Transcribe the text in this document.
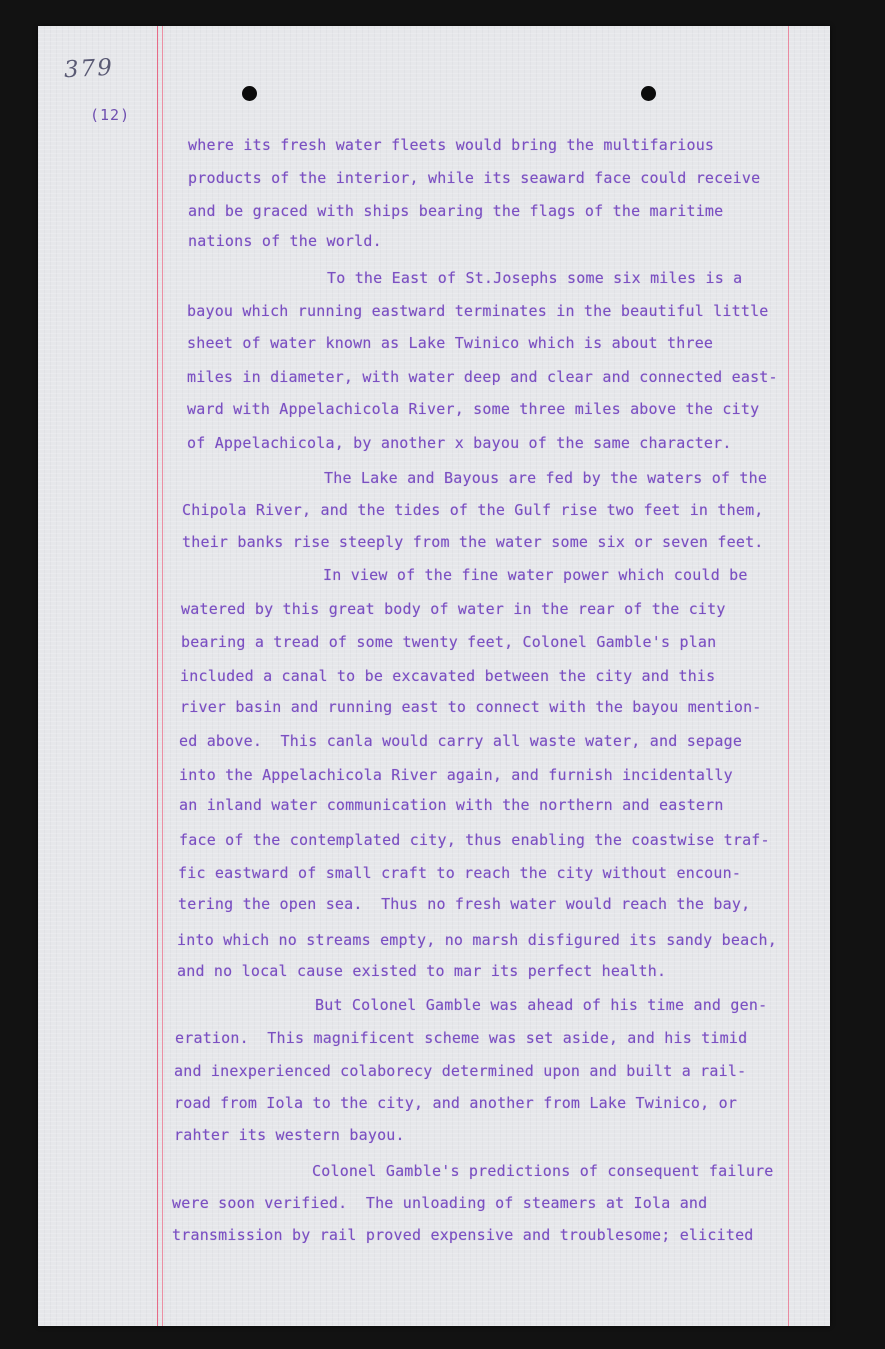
379
(12)

where its fresh water fleets would bring the multifarious

products of the interior, while its seaward face could receive

and be graced with ships bearing the flags of the maritime

nations of the world.

To the East of St.Josephs some six miles is a

bayou which running eastward terminates in the beautiful little

sheet of water known as Lake Twinico which is about three

miles in diameter, with water deep and clear and connected east-

ward with Appelachicola River, some three miles above the city

of Appelachicola, by another x bayou of the same character.

The Lake and Bayous are fed by the waters of the

Chipola River, and the tides of the Gulf rise two feet in them,

their banks rise steeply from the water some six or seven feet.

In view of the fine water power which could be

watered by this great body of water in the rear of the city

bearing a tread of some twenty feet, Colonel Gamble's plan

included a canal to be excavated between the city and this

river basin and running east to connect with the bayou mention-

ed above.  This canla would carry all waste water, and sepage

into the Appelachicola River again, and furnish incidentally

an inland water communication with the northern and eastern

face of the contemplated city, thus enabling the coastwise traf-

fic eastward of small craft to reach the city without encoun-

tering the open sea.  Thus no fresh water would reach the bay,

into which no streams empty, no marsh disfigured its sandy beach,

and no local cause existed to mar its perfect health.

But Colonel Gamble was ahead of his time and gen-

eration.  This magnificent scheme was set aside, and his timid

and inexperienced colaborecy determined upon and built a rail-

road from Iola to the city, and another from Lake Twinico, or

rahter its western bayou.

Colonel Gamble's predictions of consequent failure

were soon verified.  The unloading of steamers at Iola and

transmission by rail proved expensive and troublesome; elicited
